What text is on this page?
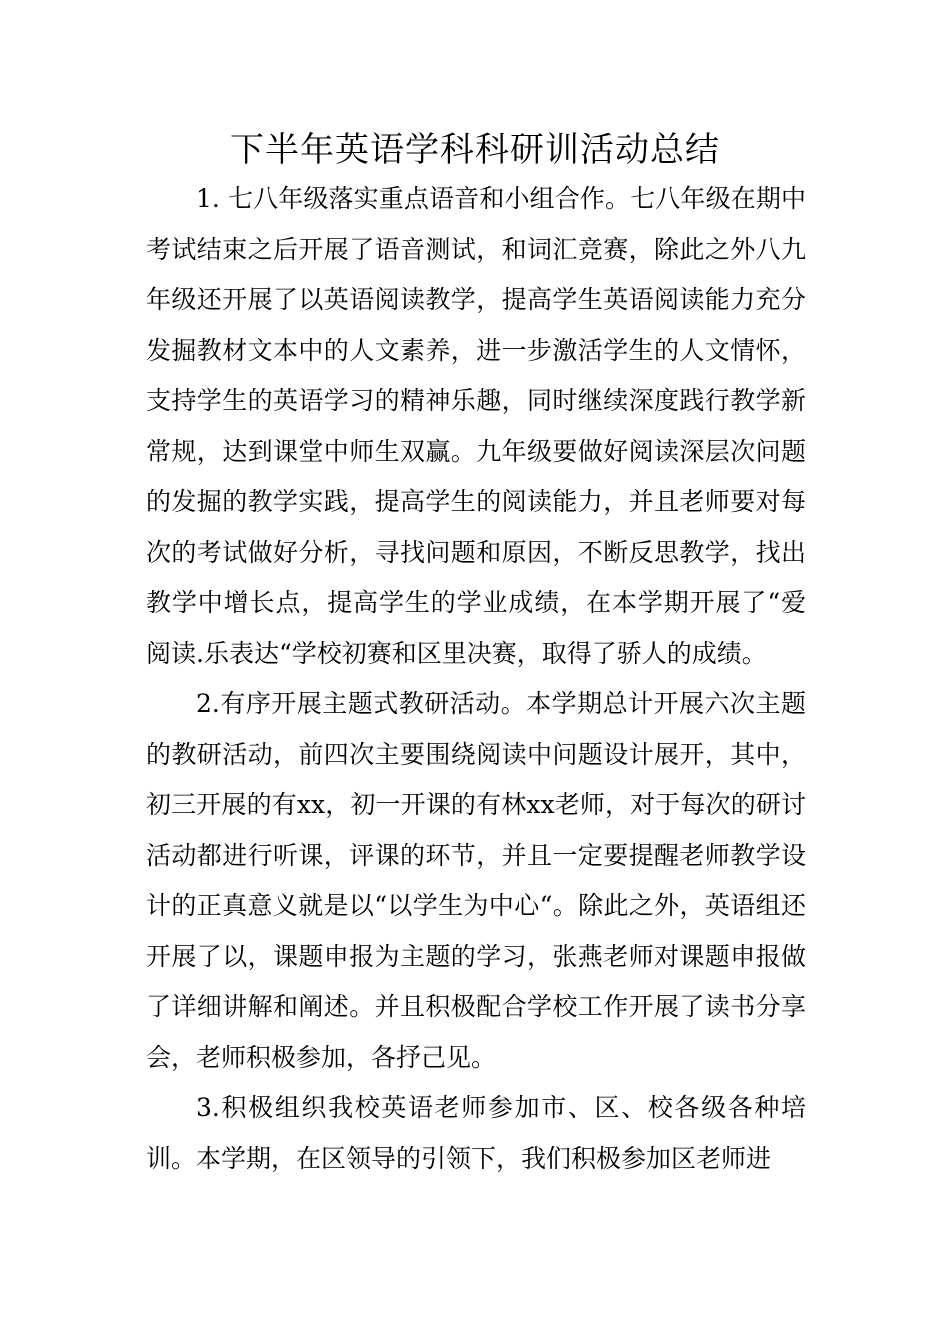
下半年英语学科科研训活动总结

1. 七八年级落实重点语音和小组合作。七八年级在期中考试结束之后开展了语音测试，和词汇竞赛，除此之外八九年级还开展了以英语阅读教学，提高学生英语阅读能力充分发掘教材文本中的人文素养，进一步激活学生的人文情怀，支持学生的英语学习的精神乐趣，同时继续深度践行教学新常规，达到课堂中师生双赢。九年级要做好阅读深层次问题的发掘的教学实践，提高学生的阅读能力，并且老师要对每次的考试做好分析，寻找问题和原因，不断反思教学，找出教学中增长点，提高学生的学业成绩，在本学期开展了“爱阅读.乐表达“学校初赛和区里决赛，取得了骄人的成绩。

2.有序开展主题式教研活动。本学期总计开展六次主题的教研活动，前四次主要围绕阅读中问题设计展开，其中，初三开展的有xx，初一开课的有林xx老师，对于每次的研讨活动都进行听课，评课的环节，并且一定要提醒老师教学设计的正真意义就是以“以学生为中心“。除此之外，英语组还开展了以，课题申报为主题的学习，张燕老师对课题申报做了详细讲解和阐述。并且积极配合学校工作开展了读书分享会，老师积极参加，各抒己见。

3.积极组织我校英语老师参加市、区、校各级各种培训。本学期，在区领导的引领下，我们积极参加区老师进
